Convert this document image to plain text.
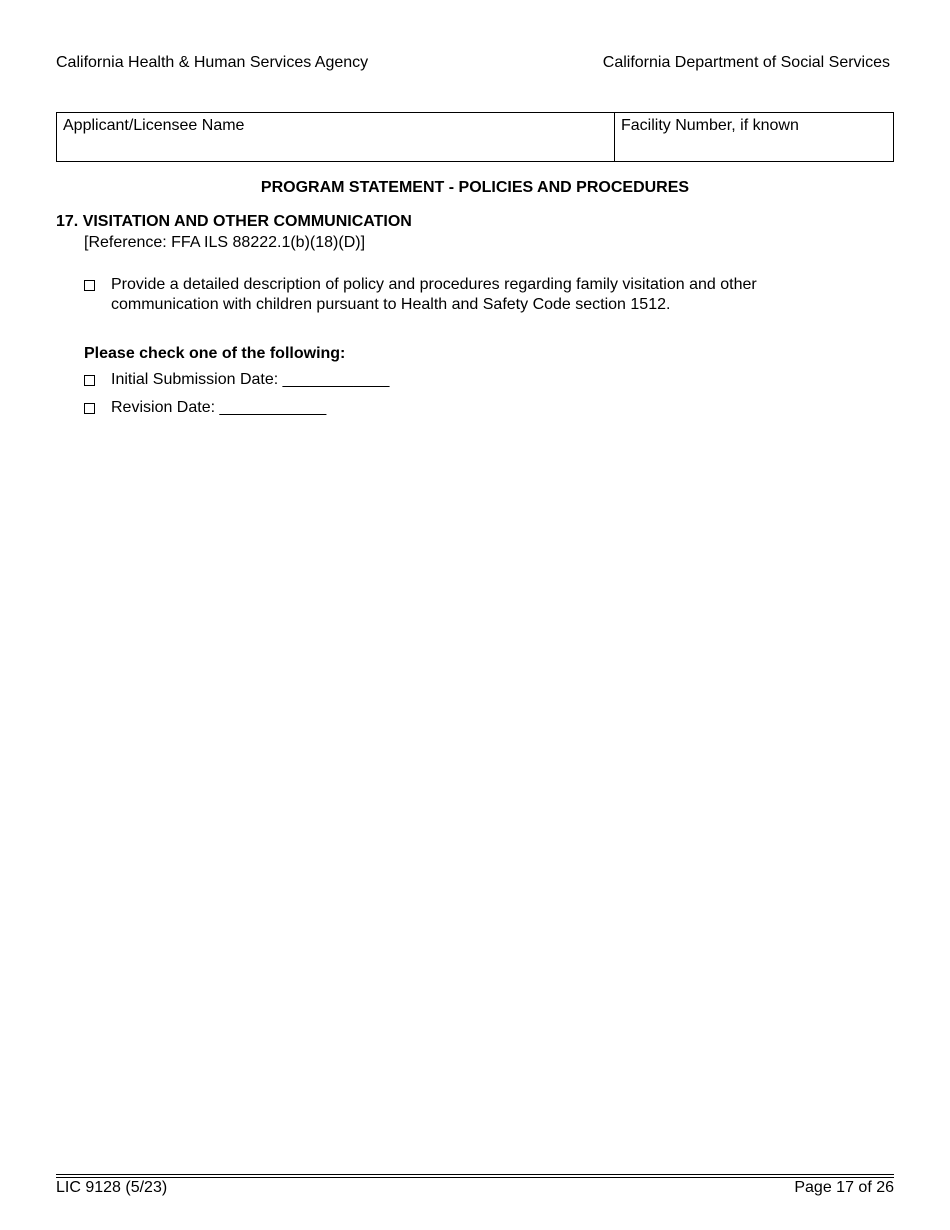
California Health & Human Services Agency	California Department of Social Services
Applicant/Licensee Name	Facility Number, if known
PROGRAM STATEMENT - POLICIES AND PROCEDURES
17. VISITATION AND OTHER COMMUNICATION
[Reference: FFA ILS 88222.1(b)(18)(D)]
Provide a detailed description of policy and procedures regarding family visitation and other communication with children pursuant to Health and Safety Code section 1512.
Please check one of the following:
Initial Submission Date: ____________
Revision Date: ____________
LIC 9128 (5/23)	Page 17 of 26
